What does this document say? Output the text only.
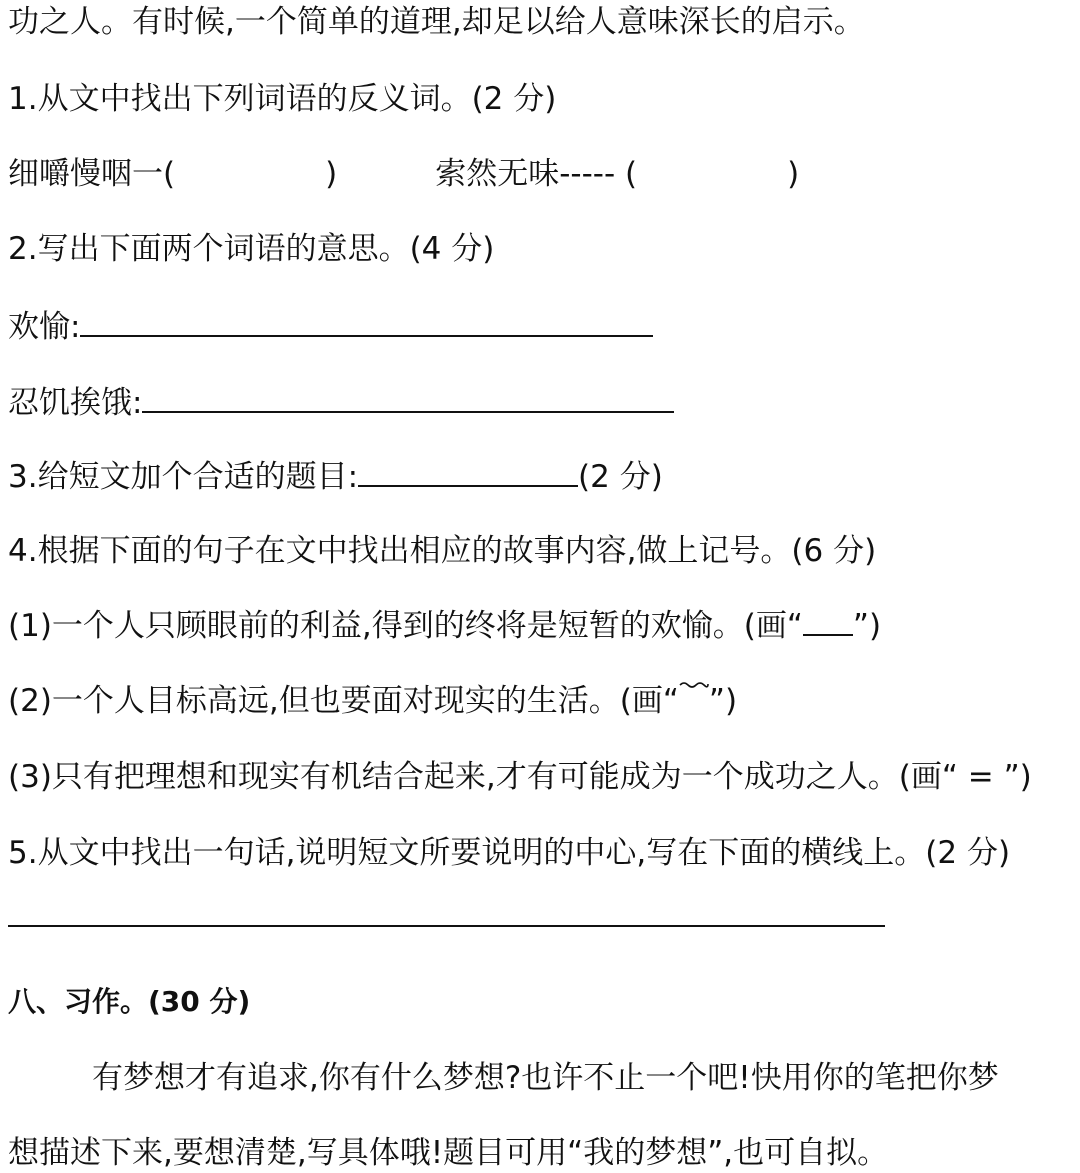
功之人。有时候,一个简单的道理,却足以给人意味深长的启示。
1.从文中找出下列词语的反义词。(2 分)
细嚼慢咽一(	)	索然无味----- (	)
2.写出下面两个词语的意思。(4 分)
欢愉:
忍饥挨饿:
3.给短文加个合适的题目:	(2 分)
4.根据下面的句子在文中找出相应的故事内容,做上记号。(6 分)
(1)一个人只顾眼前的利益,得到的终将是短暂的欢愉。(画“ ”)
(2)一个人目标高远,但也要面对现实的生活。(画“ ”)
(3)只有把理想和现实有机结合起来,才有可能成为一个成功之人。(画“ = ”)
5.从文中找出一句话,说明短文所要说明的中心,写在下面的横线上。(2 分)
八、习作。(30 分)
有梦想才有追求,你有什么梦想?也许不止一个吧!快用你的笔把你梦
想描述下来,要想清楚,写具体哦!题目可用“我的梦想”,也可自拟。
